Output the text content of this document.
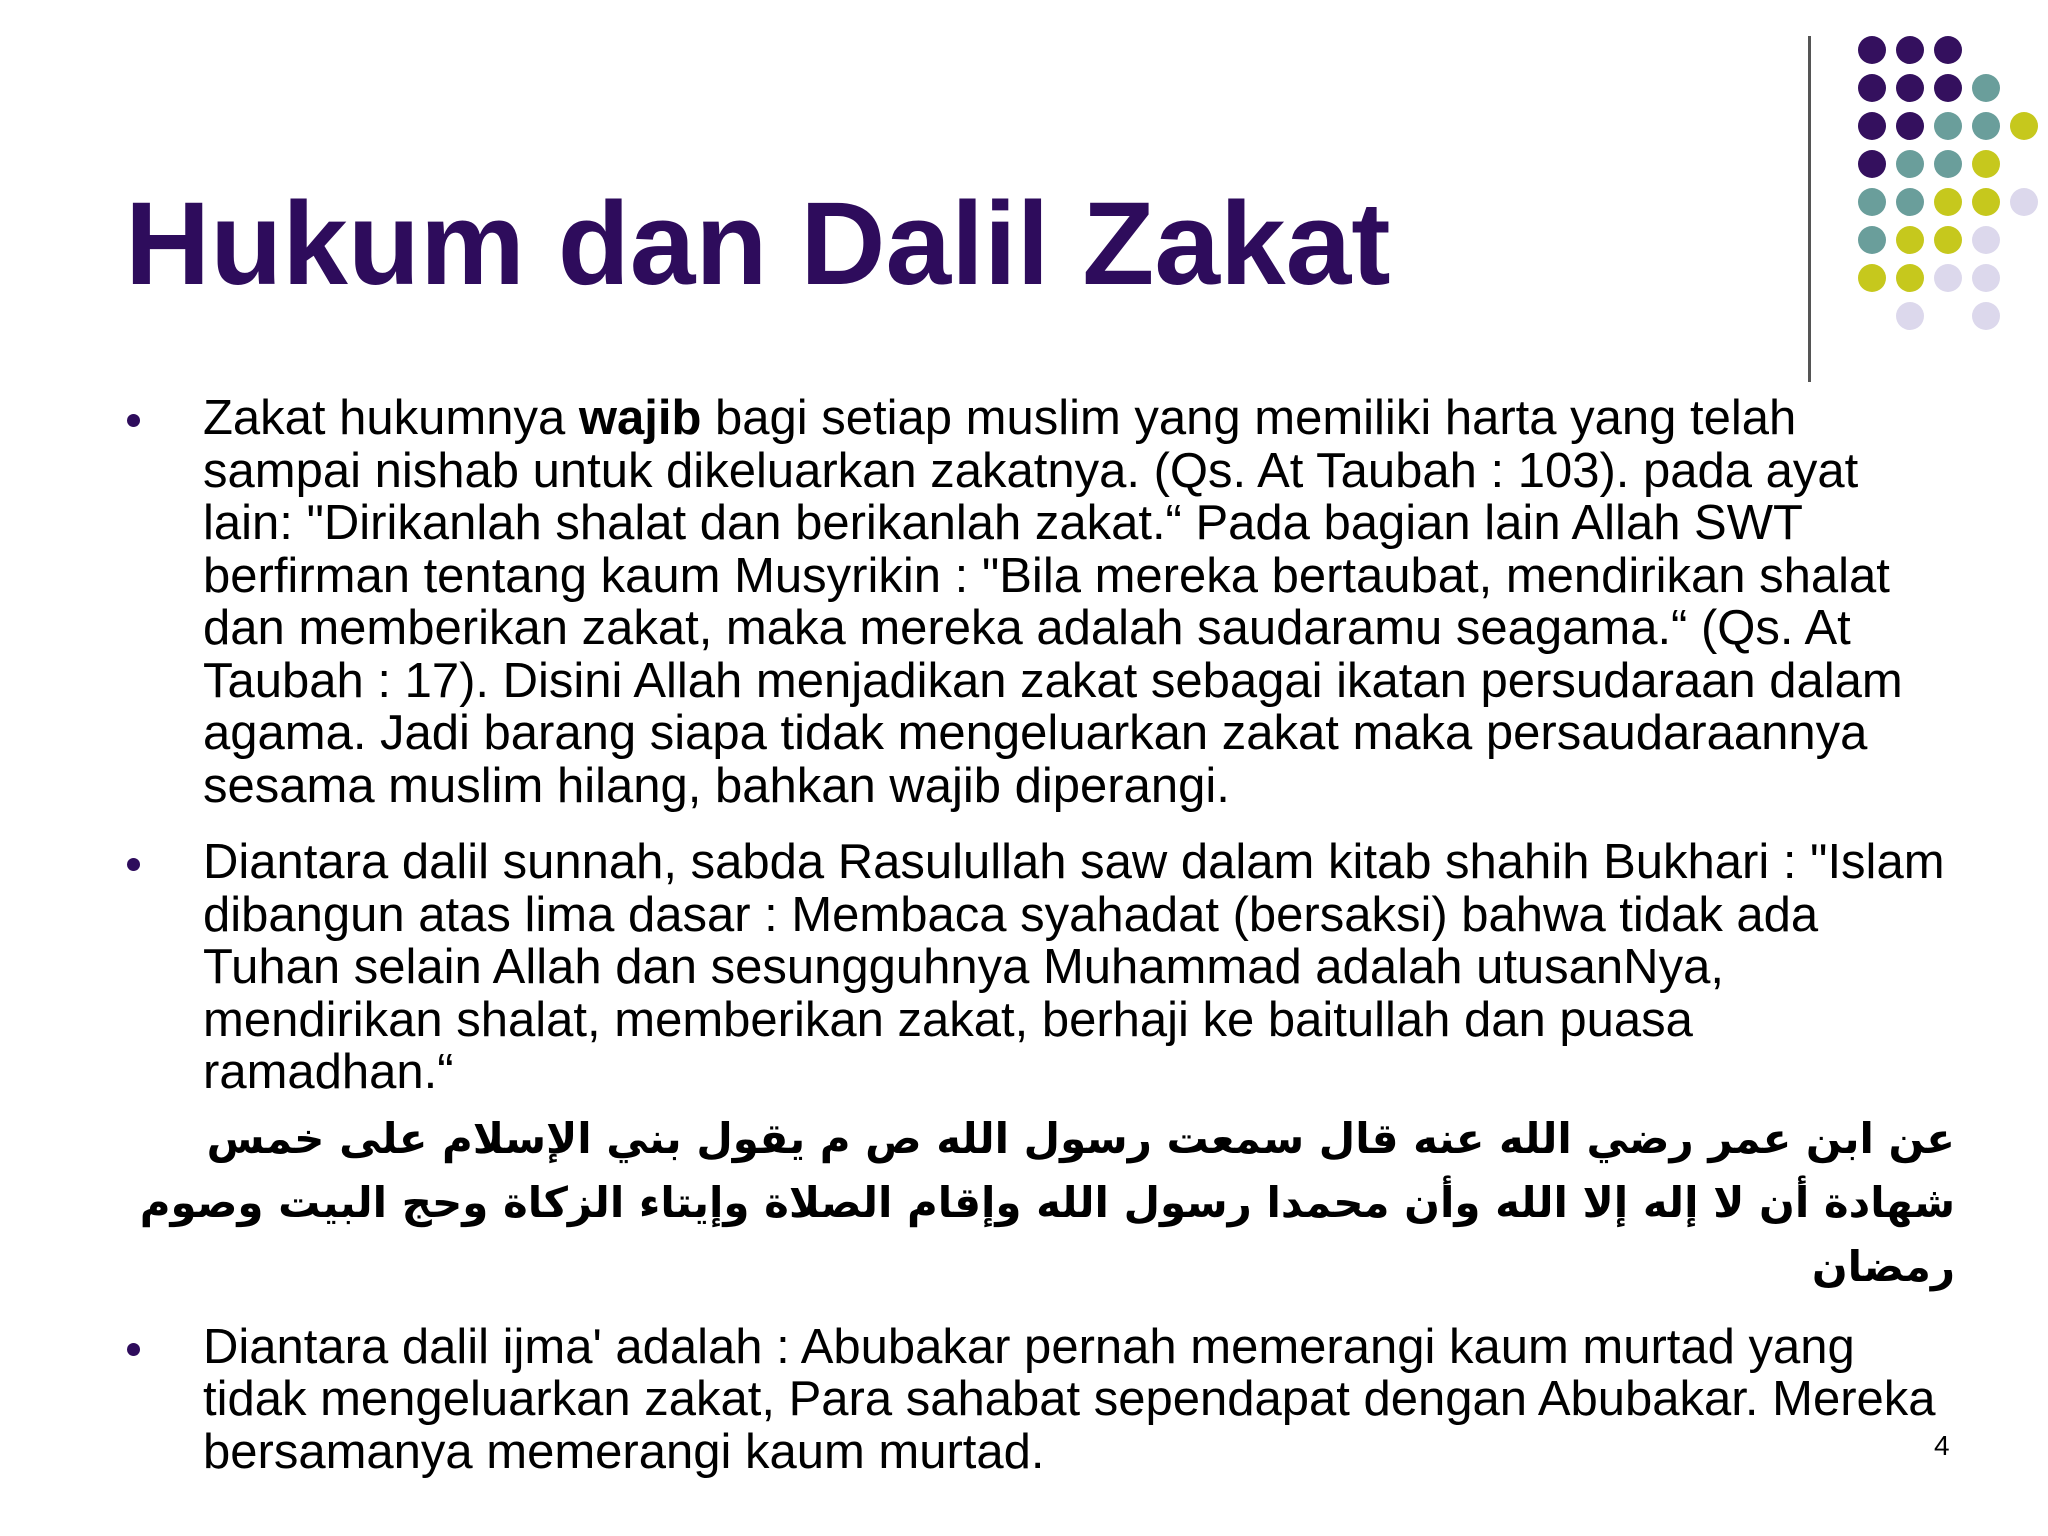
Hukum dan Dalil Zakat
Zakat hukumnya wajib bagi setiap muslim yang memiliki harta yang telah sampai nishab untuk dikeluarkan zakatnya. (Qs. At Taubah : 103). pada ayat lain: "Dirikanlah shalat dan berikanlah zakat.“ Pada bagian lain Allah SWT berfirman tentang kaum Musyrikin : "Bila mereka bertaubat, mendirikan shalat dan memberikan zakat, maka mereka adalah saudaramu seagama.“ (Qs. At Taubah : 17). Disini Allah menjadikan zakat sebagai ikatan persudaraan dalam agama. Jadi barang siapa tidak mengeluarkan zakat maka persaudaraannya sesama muslim hilang, bahkan wajib diperangi.
Diantara dalil sunnah, sabda Rasulullah saw dalam kitab shahih Bukhari : "Islam dibangun atas lima dasar : Membaca syahadat (bersaksi) bahwa tidak ada Tuhan selain Allah dan sesungguhnya Muhammad adalah utusanNya, mendirikan shalat, memberikan zakat, berhaji ke baitullah dan puasa ramadhan.“
عن ابن عمر رضي الله عنه قال سمعت رسول الله ص م يقول بني الإسلام على خمس شهادة أن لا إله إلا الله وأن محمدا رسول الله وإقام الصلاة وإيتاء الزكاة وحج البيت وصوم رمضان
Diantara dalil ijma' adalah : Abubakar pernah memerangi kaum murtad yang tidak mengeluarkan zakat, Para sahabat sependapat dengan Abubakar. Mereka bersamanya memerangi kaum murtad.	4
